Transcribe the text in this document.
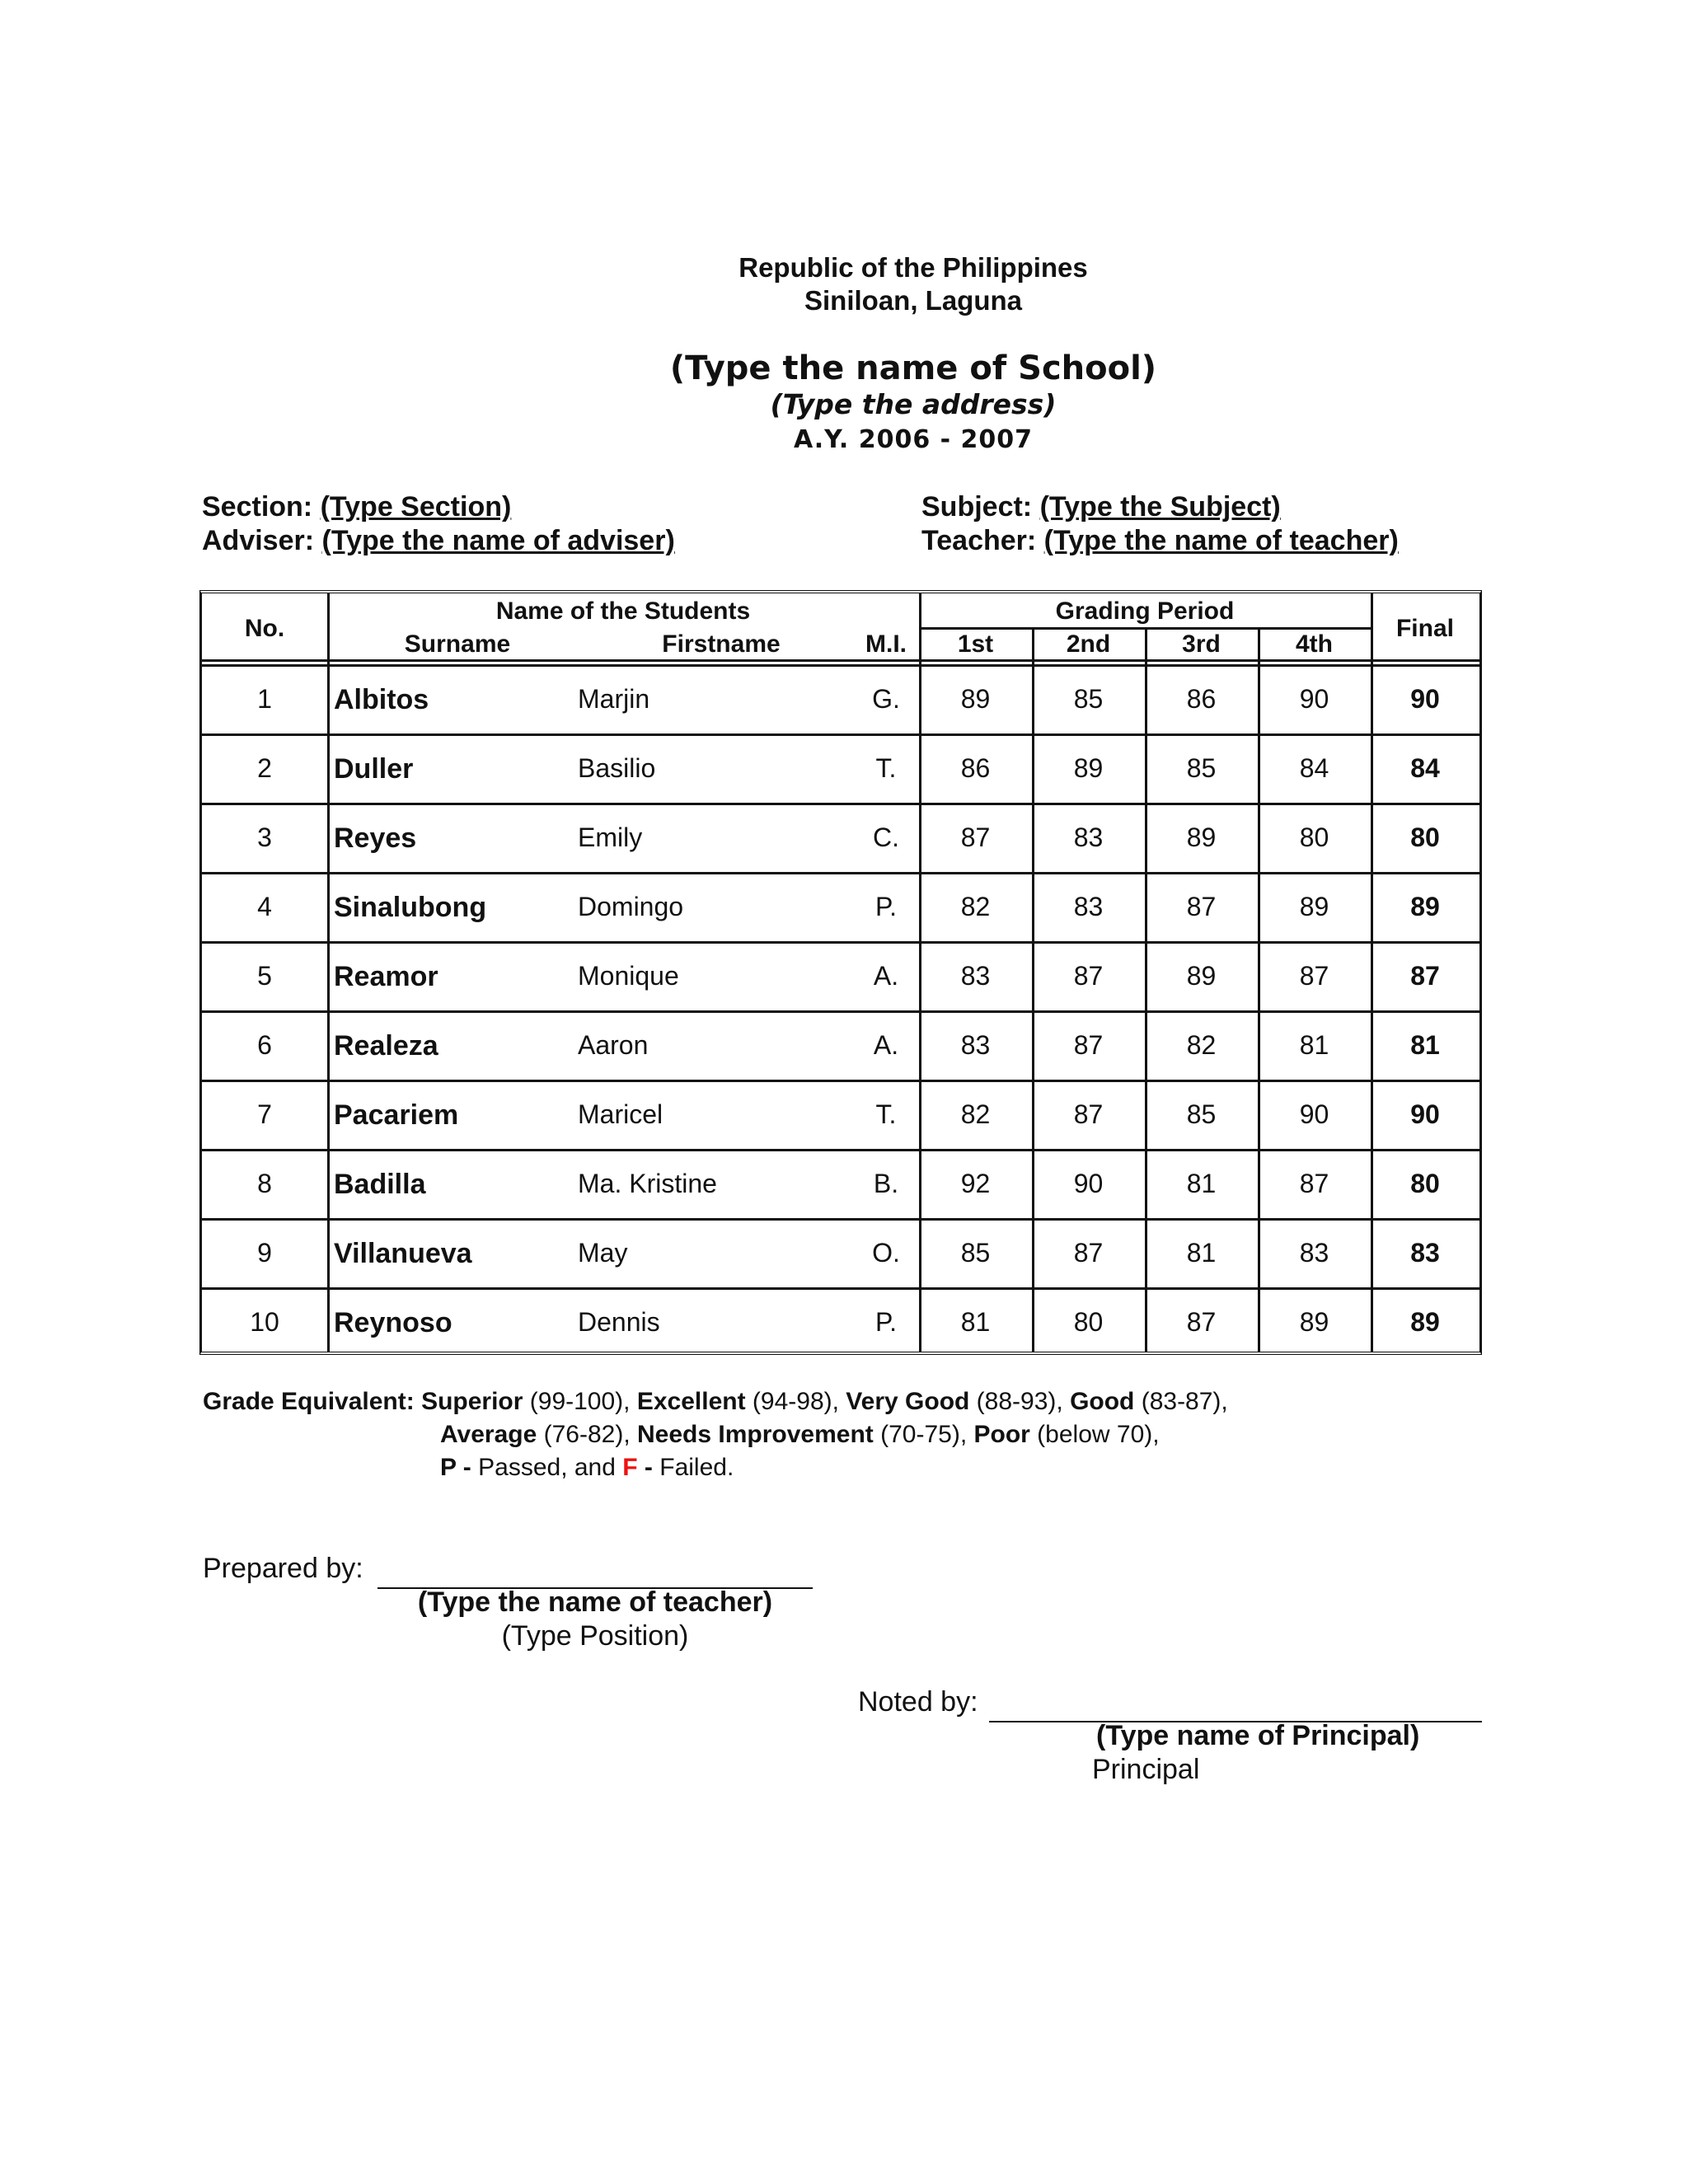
Republic of the Philippines
Siniloan, Laguna
(Type the name of School)
(Type the address)
A.Y. 2006 - 2007
Section: (Type Section)
Adviser: (Type the name of adviser)
Subject: (Type the Subject)
Teacher: (Type the name of teacher)
No.
Name of the Students
Surname	Firstname	M.I.
Grading Period
1st	2nd	3rd	4th
Final
1	Albitos	Marjin	G.	89	85	86	90	90
2	Duller	Basilio	T.	86	89	85	84	84
3	Reyes	Emily	C.	87	83	89	80	80
4	Sinalubong	Domingo	P.	82	83	87	89	89
5	Reamor	Monique	A.	83	87	89	87	87
6	Realeza	Aaron	A.	83	87	82	81	81
7	Pacariem	Maricel	T.	82	87	85	90	90
8	Badilla	Ma. Kristine	B.	92	90	81	87	80
9	Villanueva	May	O.	85	87	81	83	83
10	Reynoso	Dennis	P.	81	80	87	89	89
Grade Equivalent: Superior (99-100), Excellent (94-98), Very Good (88-93), Good (83-87),
Average (76-82), Needs Improvement (70-75), Poor (below 70),
P - Passed, and F - Failed.
Prepared by:
(Type the name of teacher)
(Type Position)
Noted by:
(Type name of Principal)
Principal
